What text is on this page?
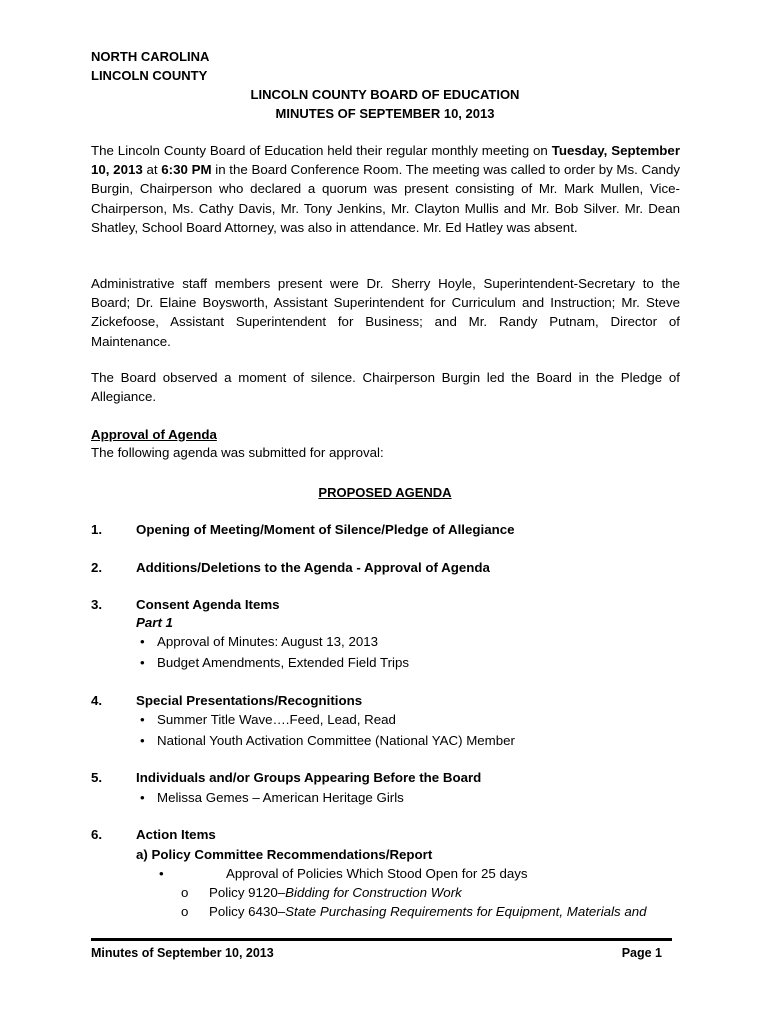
NORTH CAROLINA
LINCOLN COUNTY
LINCOLN COUNTY BOARD OF EDUCATION
MINUTES OF SEPTEMBER 10, 2013
The Lincoln County Board of Education held their regular monthly meeting on Tuesday, September 10, 2013 at 6:30 PM in the Board Conference Room. The meeting was called to order by Ms. Candy Burgin, Chairperson who declared a quorum was present consisting of Mr. Mark Mullen, Vice-Chairperson, Ms. Cathy Davis, Mr. Tony Jenkins, Mr. Clayton Mullis and Mr. Bob Silver. Mr. Dean Shatley, School Board Attorney, was also in attendance. Mr. Ed Hatley was absent.
Administrative staff members present were Dr. Sherry Hoyle, Superintendent-Secretary to the Board; Dr. Elaine Boysworth, Assistant Superintendent for Curriculum and Instruction; Mr. Steve Zickefoose, Assistant Superintendent for Business; and Mr. Randy Putnam, Director of Maintenance.
The Board observed a moment of silence. Chairperson Burgin led the Board in the Pledge of Allegiance.
Approval of Agenda
The following agenda was submitted for approval:
PROPOSED AGENDA
1.	Opening of Meeting/Moment of Silence/Pledge of Allegiance
2.	Additions/Deletions to the Agenda - Approval of Agenda
3.	Consent Agenda Items
Part 1
• Approval of Minutes: August 13, 2013
• Budget Amendments, Extended Field Trips
4.	Special Presentations/Recognitions
• Summer Title Wave….Feed, Lead, Read
• National Youth Activation Committee (National YAC) Member
5.	Individuals and/or Groups Appearing Before the Board
• Melissa Gemes – American Heritage Girls
6.	Action Items
a) Policy Committee Recommendations/Report
•	Approval of Policies Which Stood Open for 25 days
o Policy 9120–Bidding for Construction Work
o Policy 6430–State Purchasing Requirements for Equipment, Materials and
Minutes of September 10, 2013	Page 1
